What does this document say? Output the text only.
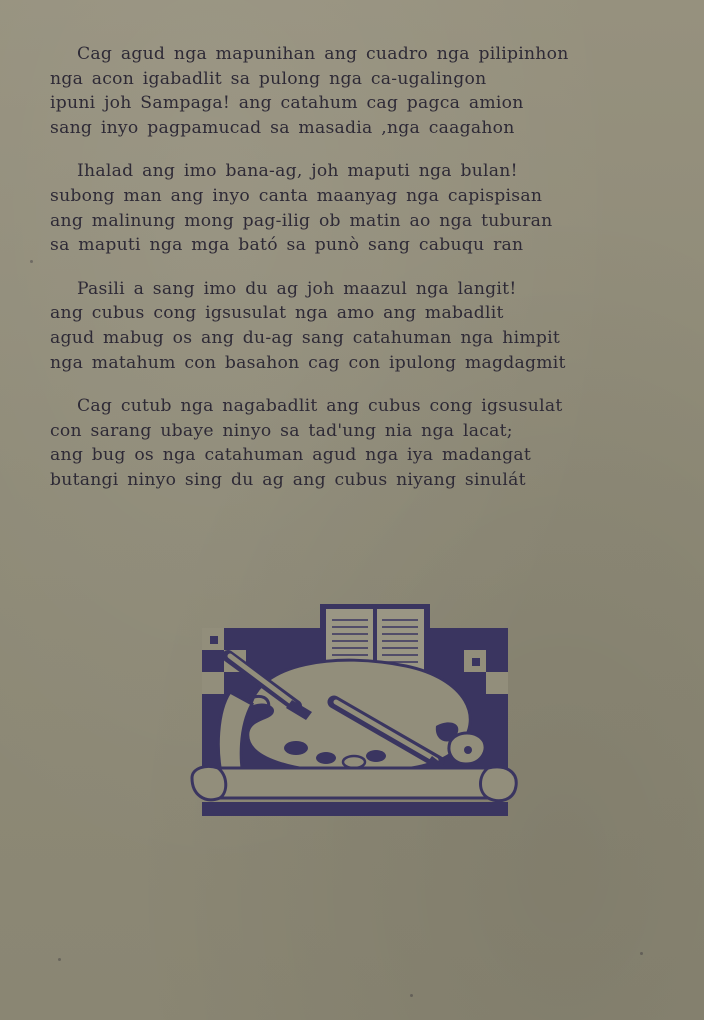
Cag agud nga mapunihan ang cuadro nga pilipinhon
nga acon igabadlit sa pulong nga ca-ugalingon
ipuni joh Sampaga! ang catahum cag pagca amion
sang inyo pagpamucad sa masadia ,nga caagahon
Ihalad ang imo bana-ag, joh maputi nga bulan!
subong man ang inyo canta maanyag nga capispisan
ang malinung mong pag-ilig ob matin ao nga tuburan
sa maputi nga mga bató sa punò sang cabuqu ran
Pasili a sang imo du ag joh maazul nga langit!
ang cubus cong igsusulat nga amo ang mabadlit
agud mabug os ang du-ag sang catahuman nga himpit
nga matahum con basahon cag con ipulong magdagmit
Cag cutub nga nagabadlit ang cubus cong igsusulat
con sarang ubaye ninyo sa tad'ung nia nga lacat;
ang bug os nga catahuman agud nga iya madangat
butangi ninyo sing du ag ang cubus niyang sinulát
